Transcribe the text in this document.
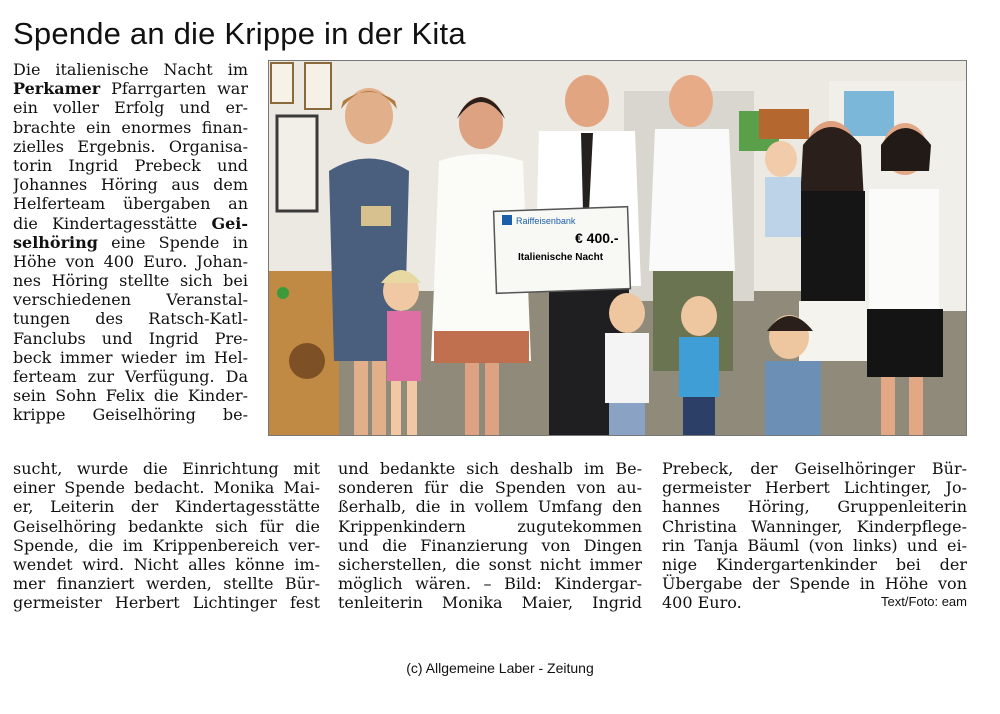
Spende an die Krippe in der Kita
Die italienische Nacht im
Perkamer Pfarrgarten war
ein voller Erfolg und er-
brachte ein enormes finan-
zielles Ergebnis. Organisa-
torin Ingrid Prebeck und
Johannes Höring aus dem
Helferteam übergaben an
die Kindertagesstätte Gei-
selhöring eine Spende in
Höhe von 400 Euro. Johan-
nes Höring stellte sich bei
verschiedenen Veranstal-
tungen des Ratsch-Katl-
Fanclubs und Ingrid Pre-
beck immer wieder im Hel-
ferteam zur Verfügung. Da
sein Sohn Felix die Kinder-
krippe Geiselhöring be-
Raiffeisenbank
€ 400.-
Italienische Nacht
sucht, wurde die Einrichtung mit
einer Spende bedacht. Monika Mai-
er, Leiterin der Kindertagesstätte
Geiselhöring bedankte sich für die
Spende, die im Krippenbereich ver-
wendet wird. Nicht alles könne im-
mer finanziert werden, stellte Bür-
germeister Herbert Lichtinger fest
und bedankte sich deshalb im Be-
sonderen für die Spenden von au-
ßerhalb, die in vollem Umfang den
Krippenkindern zugutekommen
und die Finanzierung von Dingen
sicherstellen, die sonst nicht immer
möglich wären. – Bild: Kindergar-
tenleiterin Monika Maier, Ingrid
Prebeck, der Geiselhöringer Bür-
germeister Herbert Lichtinger, Jo-
hannes Höring, Gruppenleiterin
Christina Wanninger, Kinderpflege-
rin Tanja Bäuml (von links) und ei-
nige Kindergartenkinder bei der
Übergabe der Spende in Höhe von
400 Euro.	Text/Foto: eam
(c) Allgemeine Laber - Zeitung
